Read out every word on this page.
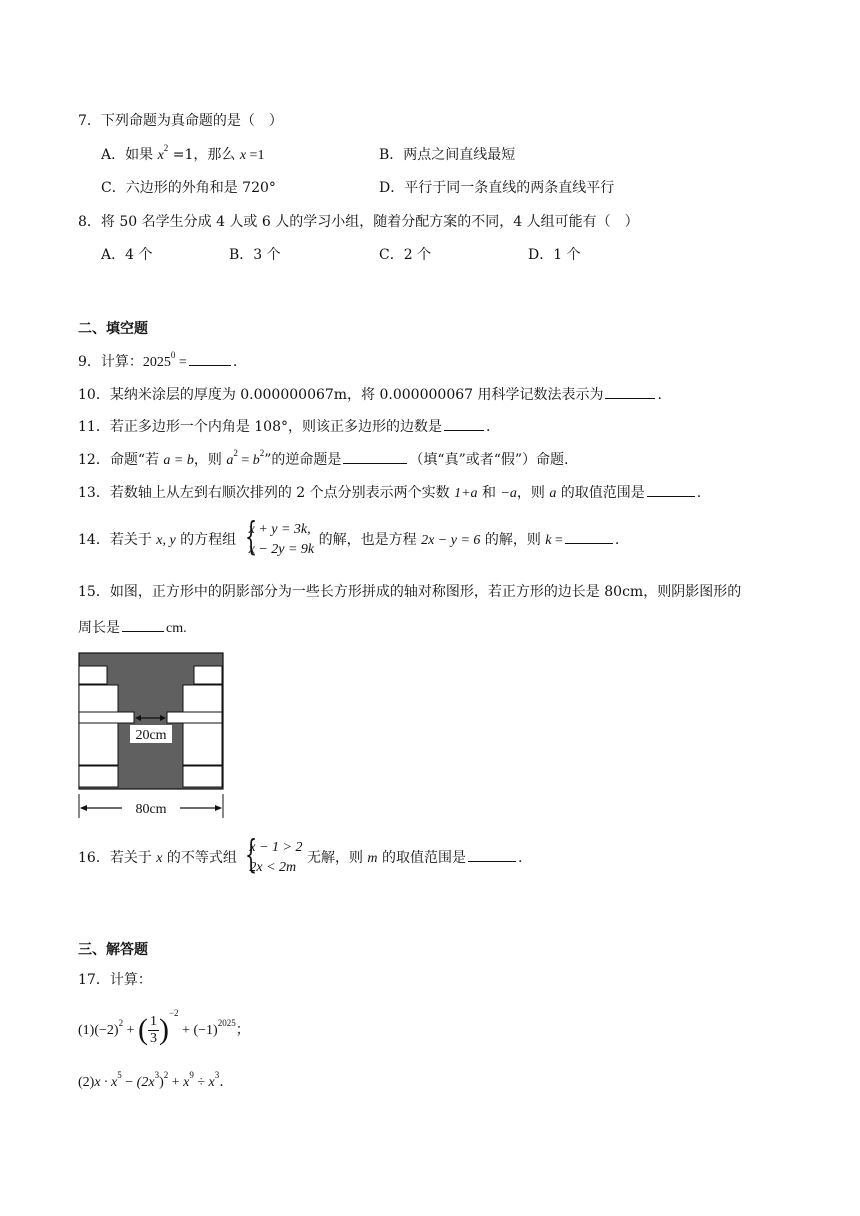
7．下列命题为真命题的是（　）
A．如果 $x^2 =1$，那么 x =1	B．两点之间直线最短
C．六边形的外角和是 720°	D．平行于同一条直线的两条直线平行
8．将 50 名学生分成 4 人或 6 人的学习小组，随着分配方案的不同，4 人组可能有（　）
A．4 个	B．3 个	C．2 个	D．1 个
二、填空题
9．计算：$2025^0$ =	.
10．某纳米涂层的厚度为 0.000000067m，将 0.000000067 用科学记数法表示为	.
11．若正多边形一个内角是 108°，则该正多边形的边数是	.
12．命题“若 a = b，则 $a^2 = b^2$”的逆命题是	（填“真”或者“假”）命题.
13．若数轴上从左到右顺次排列的 2 个点分别表示两个实数 1+a 和 −a，则 a 的取值范围是	.
14．若关于 x, y 的方程组 {
x + y = 3k,
x − 2y = 9k
的解，也是方程 2x − y = 6 的解，则 k =	.
15．如图，正方形中的阴影部分为一些长方形拼成的轴对称图形，若正方形的边长是 80cm，则阴影图形的
周长是	cm.
20cm
80cm
16．若关于 x 的不等式组 {
x − 1 > 2
2x < 2m
无解，则 m 的取值范围是	.
三、解答题
17．计算：
$(1)(-2)^2$ + ( $\frac{1}{3} )^{-2} + (-1)^{2025}$；
$(2)x \cdot x^5 - (2x^3)^2 + x^9 \div x^3$.
